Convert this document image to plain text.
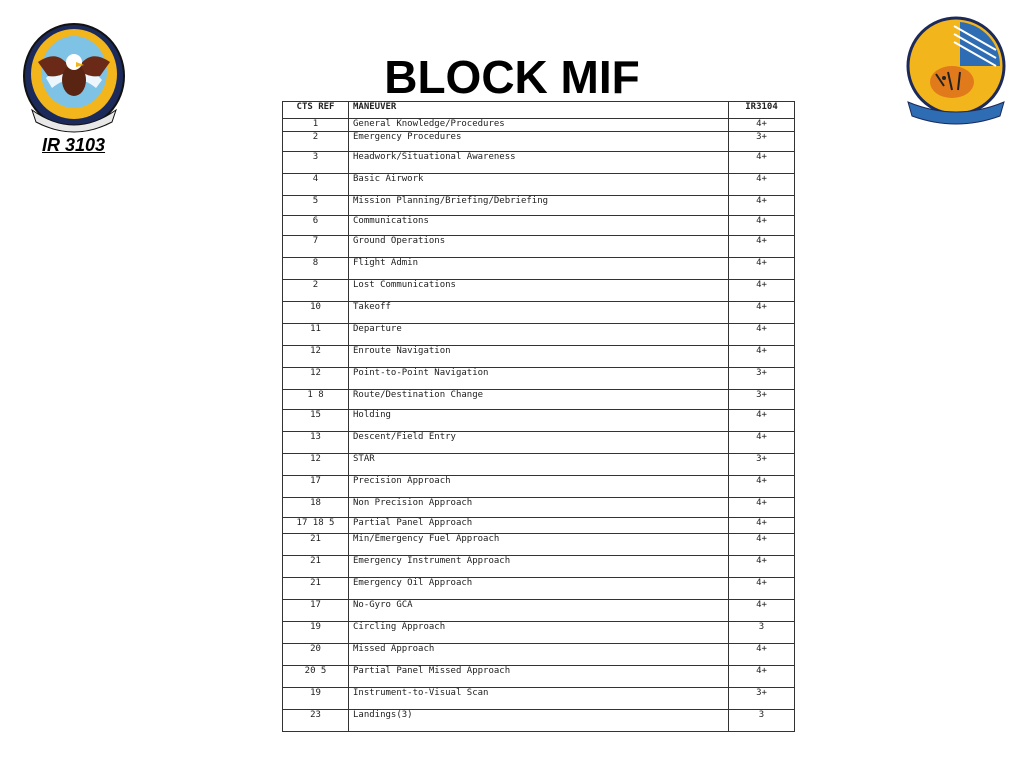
IR 3103
BLOCK MIF
CTS REF	MANEUVER	IR3104
1	General Knowledge/Procedures	4+
2	Emergency Procedures	3+
3	Headwork/Situational Awareness	4+
4	Basic Airwork	4+
5	Mission Planning/Briefing/Debriefing	4+
6	Communications	4+
7	Ground Operations	4+
8	Flight Admin	4+
2	Lost Communications	4+
10	Takeoff	4+
11	Departure	4+
12	Enroute Navigation	4+
12	Point-to-Point Navigation	3+
1 8	Route/Destination Change	3+
15	Holding	4+
13	Descent/Field Entry	4+
12	STAR	3+
17	Precision Approach	4+
18	Non Precision Approach	4+
17 18 5	Partial Panel Approach	4+
21	Min/Emergency Fuel Approach	4+
21	Emergency Instrument Approach	4+
21	Emergency Oil Approach	4+
17	No-Gyro GCA	4+
19	Circling Approach	3
20	Missed Approach	4+
20 5	Partial Panel Missed Approach	4+
19	Instrument-to-Visual Scan	3+
23	Landings(3)	3
